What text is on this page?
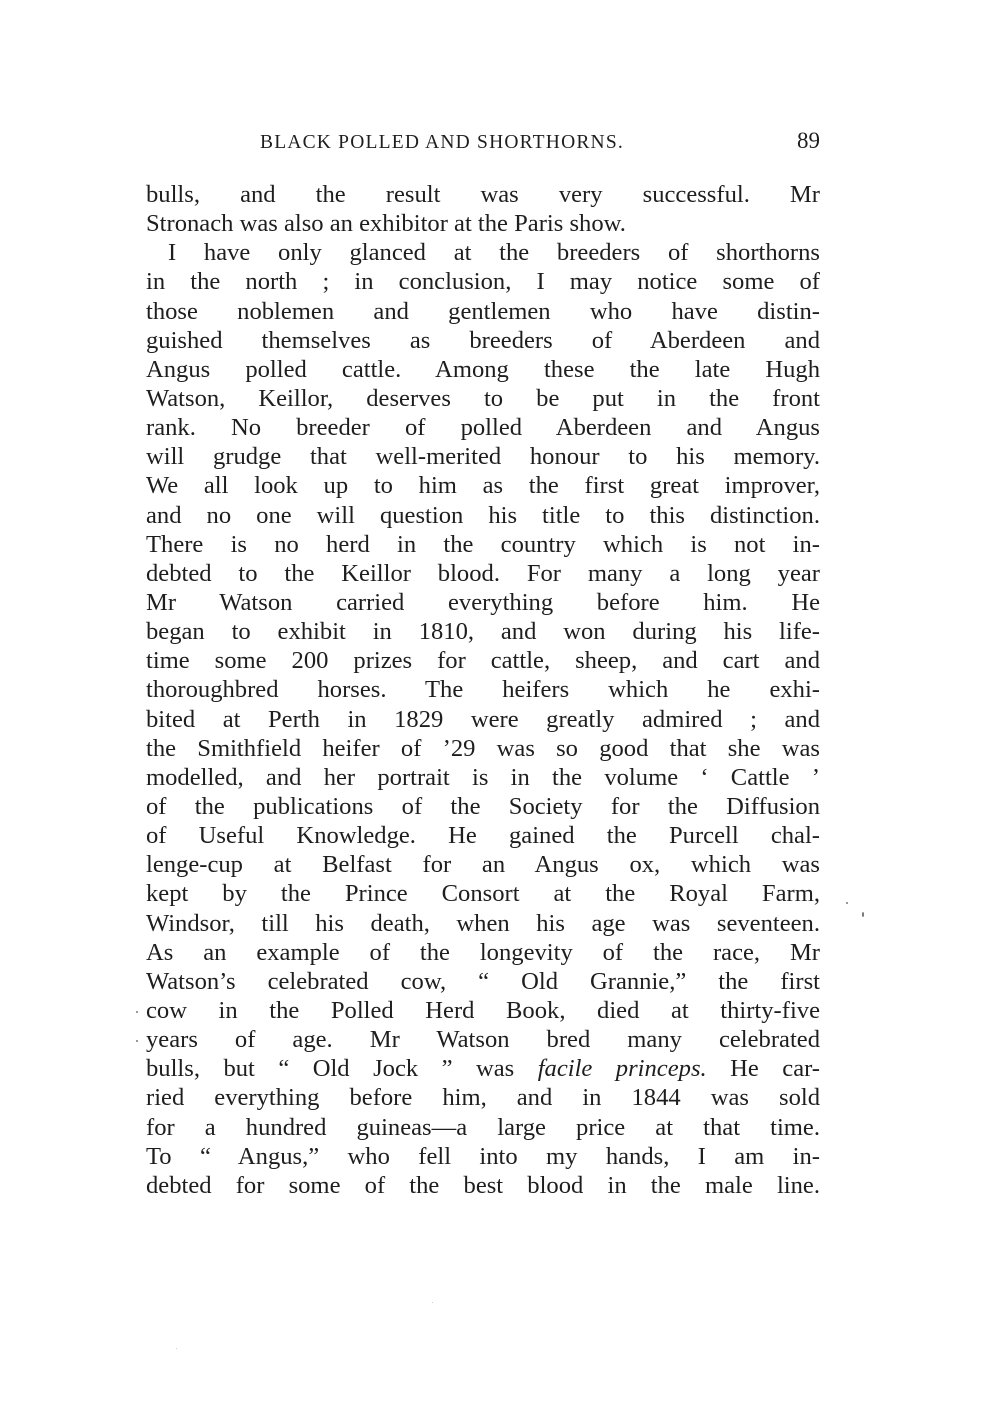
BLACK POLLED AND SHORTHORNS.	89
bulls, and the result was very successful. Mr
Stronach was also an exhibitor at the Paris show.
I have only glanced at the breeders of shorthorns
in the north ; in conclusion, I may notice some of
those noblemen and gentlemen who have distin-
guished themselves as breeders of Aberdeen and
Angus polled cattle. Among these the late Hugh
Watson, Keillor, deserves to be put in the front
rank. No breeder of polled Aberdeen and Angus
will grudge that well-merited honour to his memory.
We all look up to him as the first great improver,
and no one will question his title to this distinction.
There is no herd in the country which is not in-
debted to the Keillor blood. For many a long year
Mr Watson carried everything before him. He
began to exhibit in 1810, and won during his life-
time some 200 prizes for cattle, sheep, and cart and
thoroughbred horses. The heifers which he exhi-
bited at Perth in 1829 were greatly admired ; and
the Smithfield heifer of ’29 was so good that she was
modelled, and her portrait is in the volume ‘ Cattle ’
of the publications of the Society for the Diffusion
of Useful Knowledge. He gained the Purcell chal-
lenge-cup at Belfast for an Angus ox, which was
kept by the Prince Consort at the Royal Farm,
Windsor, till his death, when his age was seventeen.
As an example of the longevity of the race, Mr
Watson’s celebrated cow, “ Old Grannie,” the first
cow in the Polled Herd Book, died at thirty-five
years of age. Mr Watson bred many celebrated
bulls, but “ Old Jock ” was facile princeps. He car-
ried everything before him, and in 1844 was sold
for a hundred guineas—a large price at that time.
To “ Angus,” who fell into my hands, I am in-
debted for some of the best blood in the male line.
